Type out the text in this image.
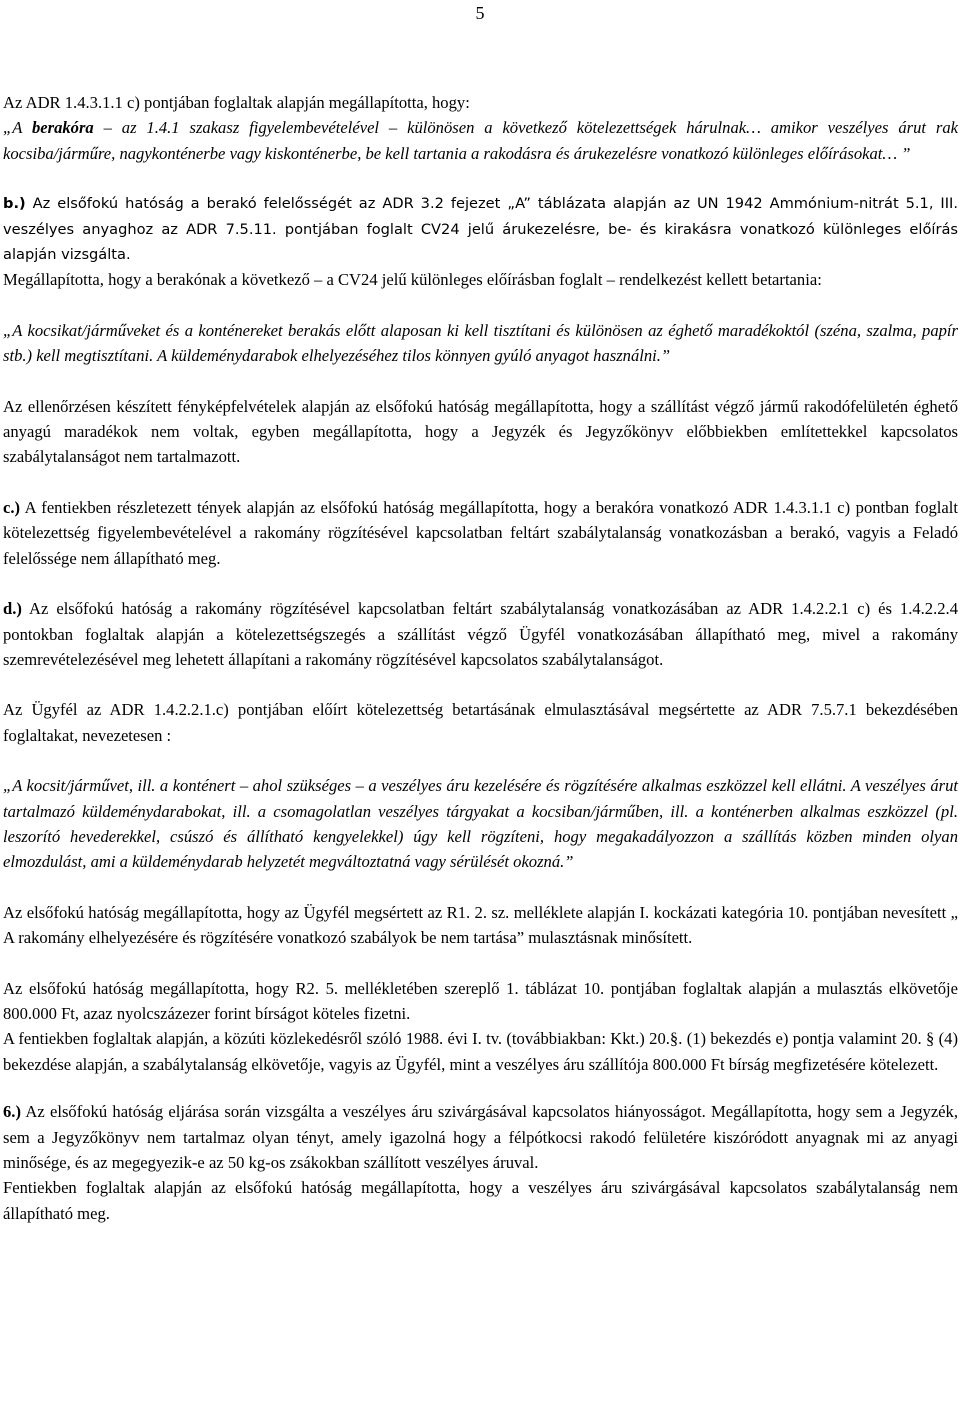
5

Az ADR 1.4.3.1.1 c) pontjában foglaltak alapján megállapította, hogy:

„A berakóra – az 1.4.1 szakasz figyelembevételével – különösen a következő kötelezettségek hárulnak… amikor veszélyes árut rak kocsiba/járműre, nagykonténerbe vagy kiskonténerbe, be kell tartania a rakodásra és árukezelésre vonatkozó különleges előírásokat… ”

b.) Az elsőfokú hatóság a berakó felelősségét az ADR 3.2 fejezet „A” táblázata alapján az UN 1942 Ammónium-nitrát 5.1, III. veszélyes anyaghoz az ADR 7.5.11. pontjában foglalt CV24 jelű árukezelésre, be- és kirakásra vonatkozó különleges előírás alapján vizsgálta.

Megállapította, hogy a berakónak a következő – a CV24 jelű különleges előírásban foglalt – rendelkezést kellett betartania:

„A kocsikat/járműveket és a konténereket berakás előtt alaposan ki kell tisztítani és különösen az éghető maradékoktól (széna, szalma, papír stb.) kell megtisztítani. A küldeménydarabok elhelyezéséhez tilos könnyen gyúló anyagot használni.”

Az ellenőrzésen készített fényképfelvételek alapján az elsőfokú hatóság megállapította, hogy a szállítást végző jármű rakodófelületén éghető anyagú maradékok nem voltak, egyben megállapította, hogy a Jegyzék és Jegyzőkönyv előbbiekben említettekkel kapcsolatos szabálytalanságot nem tartalmazott.

c.) A fentiekben részletezett tények alapján az elsőfokú hatóság megállapította, hogy a berakóra vonatkozó ADR 1.4.3.1.1 c) pontban foglalt kötelezettség figyelembevételével a rakomány rögzítésével kapcsolatban feltárt szabálytalanság vonatkozásban a berakó, vagyis a Feladó felelőssége nem állapítható meg.

d.) Az elsőfokú hatóság a rakomány rögzítésével kapcsolatban feltárt szabálytalanság vonatkozásában az ADR 1.4.2.2.1 c) és 1.4.2.2.4 pontokban foglaltak alapján a kötelezettségszegés a szállítást végző Ügyfél vonatkozásában állapítható meg, mivel a rakomány szemrevételezésével meg lehetett állapítani a rakomány rögzítésével kapcsolatos szabálytalanságot.

Az Ügyfél az ADR 1.4.2.2.1.c) pontjában előírt kötelezettség betartásának elmulasztásával megsértette az ADR 7.5.7.1 bekezdésében foglaltakat, nevezetesen :

„A kocsit/járművet, ill. a konténert – ahol szükséges – a veszélyes áru kezelésére és rögzítésére alkalmas eszközzel kell ellátni. A veszélyes árut tartalmazó küldeménydarabokat, ill. a csomagolatlan veszélyes tárgyakat a kocsiban/járműben, ill. a konténerben alkalmas eszközzel (pl. leszorító hevederekkel, csúszó és állítható kengyelekkel) úgy kell rögzíteni, hogy megakadályozzon a szállítás közben minden olyan elmozdulást, ami a küldeménydarab helyzetét megváltoztatná vagy sérülését okozná.”

Az elsőfokú hatóság megállapította, hogy az Ügyfél megsértett az R1. 2. sz. melléklete alapján I. kockázati kategória 10. pontjában nevesített „ A rakomány elhelyezésére és rögzítésére vonatkozó szabályok be nem tartása” mulasztásnak minősített.

Az elsőfokú hatóság megállapította, hogy R2. 5. mellékletében szereplő 1. táblázat 10. pontjában foglaltak alapján a mulasztás elkövetője 800.000 Ft, azaz nyolcszázezer forint bírságot köteles fizetni.

A fentiekben foglaltak alapján, a közúti közlekedésről szóló 1988. évi I. tv. (továbbiakban: Kkt.) 20.§. (1) bekezdés e) pontja valamint 20. § (4) bekezdése alapján, a szabálytalanság elkövetője, vagyis az Ügyfél, mint a veszélyes áru szállítója 800.000 Ft bírság megfizetésére kötelezett.

6.) Az elsőfokú hatóság eljárása során vizsgálta a veszélyes áru szivárgásával kapcsolatos hiányosságot. Megállapította, hogy sem a Jegyzék, sem a Jegyzőkönyv nem tartalmaz olyan tényt, amely igazolná hogy a félpótkocsi rakodó felületére kiszóródott anyagnak mi az anyagi minősége, és az megegyezik-e az 50 kg-os zsákokban szállított veszélyes áruval.

Fentiekben foglaltak alapján az elsőfokú hatóság megállapította, hogy a veszélyes áru szivárgásával kapcsolatos szabálytalanság nem állapítható meg.
